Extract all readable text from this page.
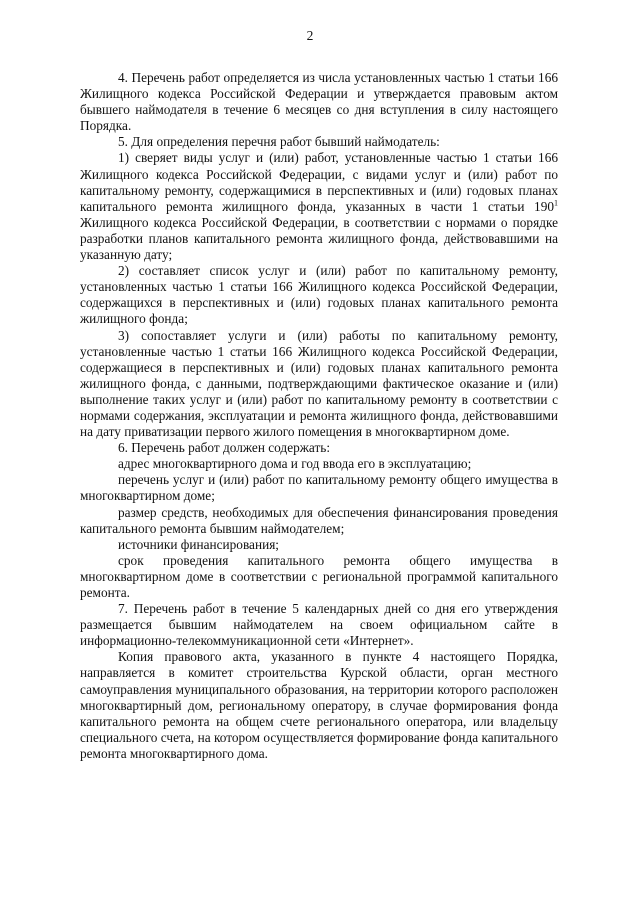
2

4. Перечень работ определяется из числа установленных частью 1 статьи 166 Жилищного кодекса Российской Федерации и утверждается правовым актом бывшего наймодателя в течение 6 месяцев со дня вступления в силу настоящего Порядка.

5. Для определения перечня работ бывший наймодатель:

1) сверяет виды услуг и (или) работ, установленные частью 1 статьи 166 Жилищного кодекса Российской Федерации, с видами услуг и (или) работ по капитальному ремонту, содержащимися в перспективных и (или) годовых планах капитального ремонта жилищного фонда, указанных в части 1 статьи $190^1$ Жилищного кодекса Российской Федерации, в соответствии с нормами о порядке разработки планов капитального ремонта жилищного фонда, действовавшими на указанную дату;

2) составляет список услуг и (или) работ по капитальному ремонту, установленных частью 1 статьи 166 Жилищного кодекса Российской Федерации, содержащихся в перспективных и (или) годовых планах капитального ремонта жилищного фонда;

3) сопоставляет услуги и (или) работы по капитальному ремонту, установленные частью 1 статьи 166 Жилищного кодекса Российской Федерации, содержащиеся в перспективных и (или) годовых планах капитального ремонта жилищного фонда, с данными, подтверждающими фактическое оказание и (или) выполнение таких услуг и (или) работ по капитальному ремонту в соответствии с нормами содержания, эксплуатации и ремонта жилищного фонда, действовавшими на дату приватизации первого жилого помещения в многоквартирном доме.

6. Перечень работ должен содержать:

адрес многоквартирного дома и год ввода его в эксплуатацию;

перечень услуг и (или) работ по капитальному ремонту общего имущества в многоквартирном доме;

размер средств, необходимых для обеспечения финансирования проведения капитального ремонта бывшим наймодателем;

источники финансирования;

срок проведения капитального ремонта общего имущества в многоквартирном доме в соответствии с региональной программой капитального ремонта.

7. Перечень работ в течение 5 календарных дней со дня его утверждения размещается бывшим наймодателем на своем официальном сайте в информационно-телекоммуникационной сети «Интернет».

Копия правового акта, указанного в пункте 4 настоящего Порядка, направляется в комитет строительства Курской области, орган местного самоуправления муниципального образования, на территории которого расположен многоквартирный дом, региональному оператору, в случае формирования фонда капитального ремонта на общем счете регионального оператора, или владельцу специального счета, на котором осуществляется формирование фонда капитального ремонта многоквартирного дома.
